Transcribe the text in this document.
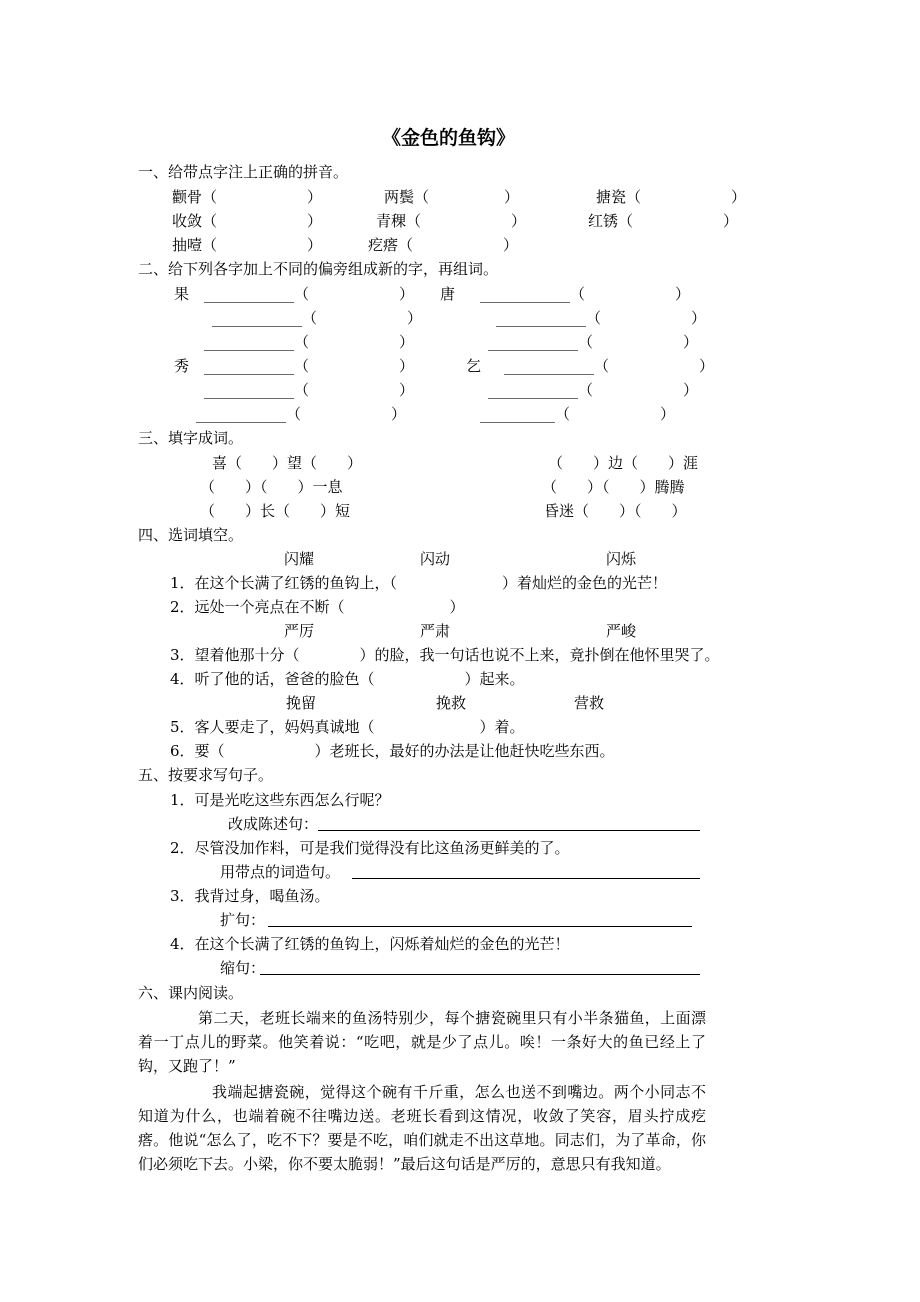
《金色的鱼钩》
一、给带点字注上正确的拼音。
颧骨（　　　　　　）	两鬓（　　　　　）	搪瓷（　　　　　　）
收敛（　　　　　　）	青稞（　　　　　　）	红锈（　　　　　　）
抽噎（　　　　　　）	疙瘩（　　　　　　）
二、给下列各字加上不同的偏旁组成新的字，再组词。
果 ____________（　　　　　　） 唐 ____________（　　　　　　）
____________（　　　　　　）	____________（　　　　　　）
____________（　　　　　　）	____________（　　　　　　）
秀 ____________（　　　　　　）	乞 ____________（　　　　　　）
____________（　　　　　　）	____________（　　　　　　）
____________（　　　　　　）	__________（　　　　　　）
三、填字成词。
喜（　　）望（　　）	（　　）边（　　）涯
（　　）（　　）一息	（　　）（　　）腾腾
（　　）长（　　）短	昏迷（　　）（　　）
四、选词填空。
闪耀	闪动	闪烁
1．在这个长满了红锈的鱼钩上，（　　　　　　　）着灿烂的金色的光芒！
2．远处一个亮点在不断（　　　　　　　）
严厉	严肃	严峻
3．望着他那十分（　　　　）的脸，我一句话也说不上来，竟扑倒在他怀里哭了。
4．听了他的话，爸爸的脸色（　　　　　　）起来。
挽留	挽救	营救
5．客人要走了，妈妈真诚地（　　　　　　　）着。
6．要（　　　　　　）老班长，最好的办法是让他赶快吃些东西。
五、按要求写句子。
1．可是光吃这些东西怎么行呢？
改成陈述句：
2．尽管没加作料，可是我们觉得没有比这鱼汤更鲜美的了。
用带点的词造句。
3．我背过身，喝鱼汤。
扩句：
4．在这个长满了红锈的鱼钩上，闪烁着灿烂的金色的光芒！
缩句：
六、课内阅读。
第二天，老班长端来的鱼汤特别少，每个搪瓷碗里只有小半条猫鱼，上面漂着一丁点儿的野菜。他笑着说：“吃吧，就是少了点儿。唉！一条好大的鱼已经上了钩，又跑了！”
我端起搪瓷碗，觉得这个碗有千斤重，怎么也送不到嘴边。两个小同志不知道为什么，也端着碗不往嘴边送。老班长看到这情况，收敛了笑容，眉头拧成疙瘩。他说“怎么了，吃不下？要是不吃，咱们就走不出这草地。同志们，为了革命，你们必须吃下去。小梁，你不要太脆弱！”最后这句话是严厉的，意思只有我知道。
